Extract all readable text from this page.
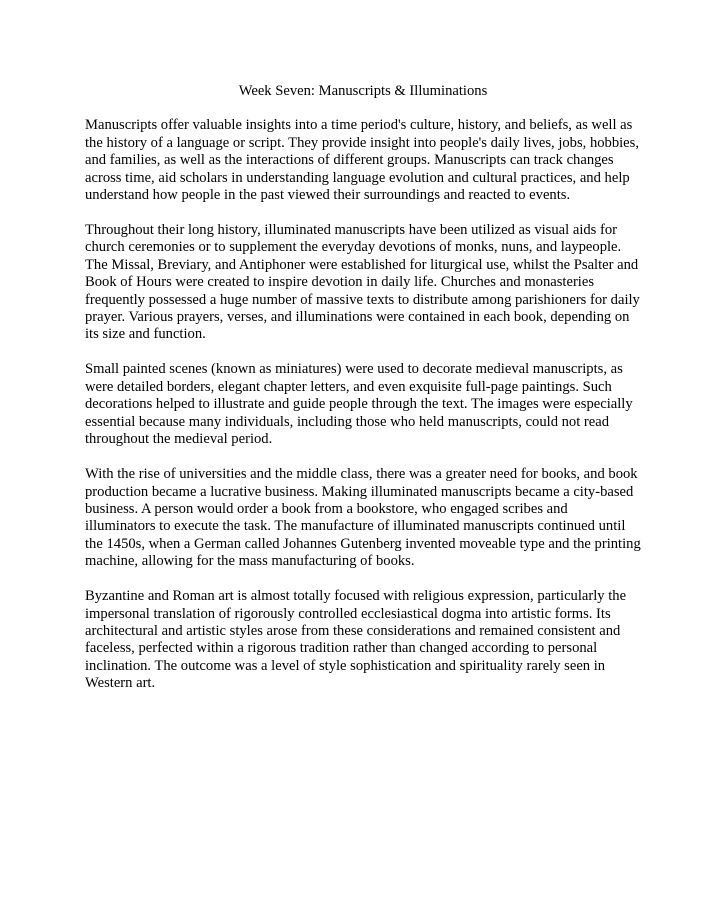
Week Seven: Manuscripts & Illuminations

Manuscripts offer valuable insights into a time period's culture, history, and beliefs, as well as the history of a language or script. They provide insight into people's daily lives, jobs, hobbies, and families, as well as the interactions of different groups. Manuscripts can track changes across time, aid scholars in understanding language evolution and cultural practices, and help understand how people in the past viewed their surroundings and reacted to events.

Throughout their long history, illuminated manuscripts have been utilized as visual aids for church ceremonies or to supplement the everyday devotions of monks, nuns, and laypeople. The Missal, Breviary, and Antiphoner were established for liturgical use, whilst the Psalter and Book of Hours were created to inspire devotion in daily life. Churches and monasteries frequently possessed a huge number of massive texts to distribute among parishioners for daily prayer. Various prayers, verses, and illuminations were contained in each book, depending on its size and function.

Small painted scenes (known as miniatures) were used to decorate medieval manuscripts, as were detailed borders, elegant chapter letters, and even exquisite full-page paintings. Such decorations helped to illustrate and guide people through the text. The images were especially essential because many individuals, including those who held manuscripts, could not read throughout the medieval period.

With the rise of universities and the middle class, there was a greater need for books, and book production became a lucrative business. Making illuminated manuscripts became a city-based business. A person would order a book from a bookstore, who engaged scribes and illuminators to execute the task. The manufacture of illuminated manuscripts continued until the 1450s, when a German called Johannes Gutenberg invented moveable type and the printing machine, allowing for the mass manufacturing of books.

Byzantine and Roman art is almost totally focused with religious expression, particularly the impersonal translation of rigorously controlled ecclesiastical dogma into artistic forms. Its architectural and artistic styles arose from these considerations and remained consistent and faceless, perfected within a rigorous tradition rather than changed according to personal inclination. The outcome was a level of style sophistication and spirituality rarely seen in Western art.
